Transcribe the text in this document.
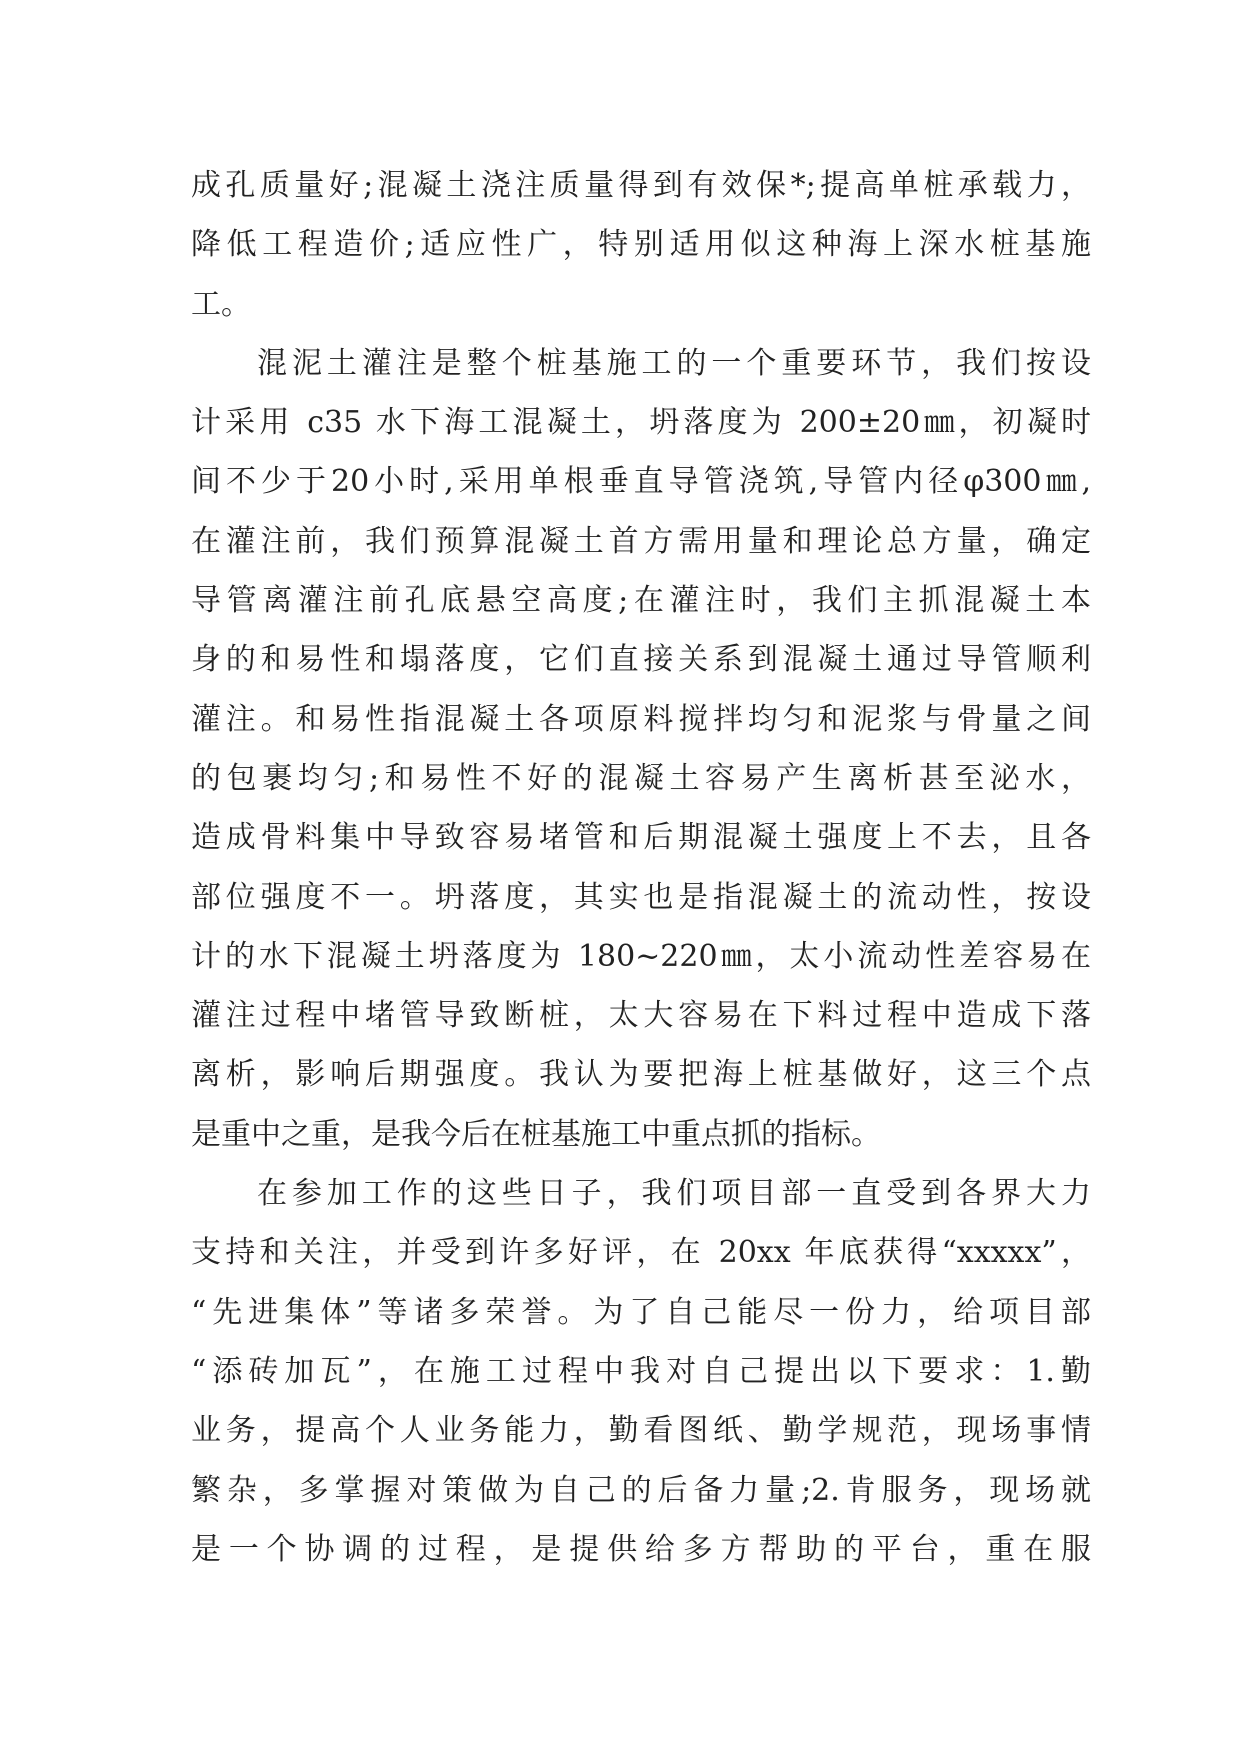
成孔质量好;混凝土浇注质量得到有效保*;提高单桩承载力，
降低工程造价;适应性广，特别适用似这种海上深水桩基施
工。
混泥土灌注是整个桩基施工的一个重要环节，我们按设
计采用 c35 水下海工混凝土，坍落度为 200±20㎜，初凝时
间不少于20小时,采用单根垂直导管浇筑,导管内径φ300㎜,
在灌注前，我们预算混凝土首方需用量和理论总方量，确定
导管离灌注前孔底悬空高度;在灌注时，我们主抓混凝土本
身的和易性和塌落度，它们直接关系到混凝土通过导管顺利
灌注。和易性指混凝土各项原料搅拌均匀和泥浆与骨量之间
的包裹均匀;和易性不好的混凝土容易产生离析甚至泌水，
造成骨料集中导致容易堵管和后期混凝土强度上不去，且各
部位强度不一。坍落度，其实也是指混凝土的流动性，按设
计的水下混凝土坍落度为 180~220㎜，太小流动性差容易在
灌注过程中堵管导致断桩，太大容易在下料过程中造成下落
离析，影响后期强度。我认为要把海上桩基做好，这三个点
是重中之重，是我今后在桩基施工中重点抓的指标。
在参加工作的这些日子，我们项目部一直受到各界大力
支持和关注，并受到许多好评，在 20xx 年底获得“xxxxx”，
“先进集体”等诸多荣誉。为了自己能尽一份力，给项目部
“添砖加瓦”，在施工过程中我对自己提出以下要求：1.勤
业务，提高个人业务能力，勤看图纸、勤学规范，现场事情
繁杂，多掌握对策做为自己的后备力量;2.肯服务，现场就
是一个协调的过程，是提供给多方帮助的平台，重在服
